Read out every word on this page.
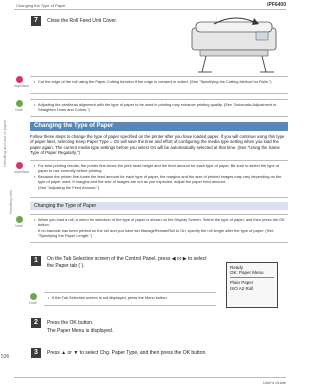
Changing the Type of Paper	iPF6400
Handling and use of paper
Handling rolls
536
7	Close the Roll Feed Unit Cover.
Important
• Cut the edge of the roll using the Paper Cutting function if the edge is creased or soiled. (See "Specifying the Cutting Method for Rolls.")
Note
• Adjusting the printhead alignment with the type of paper to be used in printing may enhance printing quality. (See "Automatic Adjustment to Straighten Lines and Colors.")
Changing the Type of Paper
Follow these steps to change the type of paper specified on the printer after you have loaded paper. If you will continue using this type of paper later, selecting Keep Paper Type = On will save the time and effort of configuring the media type setting when you load the paper again. The current media type settings before you select On will be automatically selected at that time. (See "Using the Same Type of Paper Regularly.")
Important
• For best printing results, the printer fine-tunes the print head height and the feed amount for each type of paper. Be sure to select the type of paper to use correctly before printing.
• Because the printer fine-tunes the feed amount for each type of paper, the margins and the size of printed images may vary depending on the type of paper used. If margins and the size of images are not as you expected, adjust the paper feed amount.
(See "Adjusting the Feed Amount.")
Changing the Type of Paper
Note
• When you load a roll, a menu for selection of the type of paper is shown on the Display Screen. Select the type of paper, and then press the OK button.
If no barcode has been printed on the roll and you have set ManageRemainRoll to On, specify the roll length after the type of paper. (See "Specifying the Paper Length.")
1	On the Tab Selection screen of the Control Panel, press ◀ or ▶ to select the Paper tab ( ).	Ready
OK: Paper Menu
Plain Paper
ISO A2 Roll
Note
• If the Tab Selection screen is not displayed, press the Menu button.
2	Press the OK button.
The Paper Menu is displayed.
3	Press ▲ or ▼ to select Chg. Paper Type, and then press the OK button.
User's Guide
